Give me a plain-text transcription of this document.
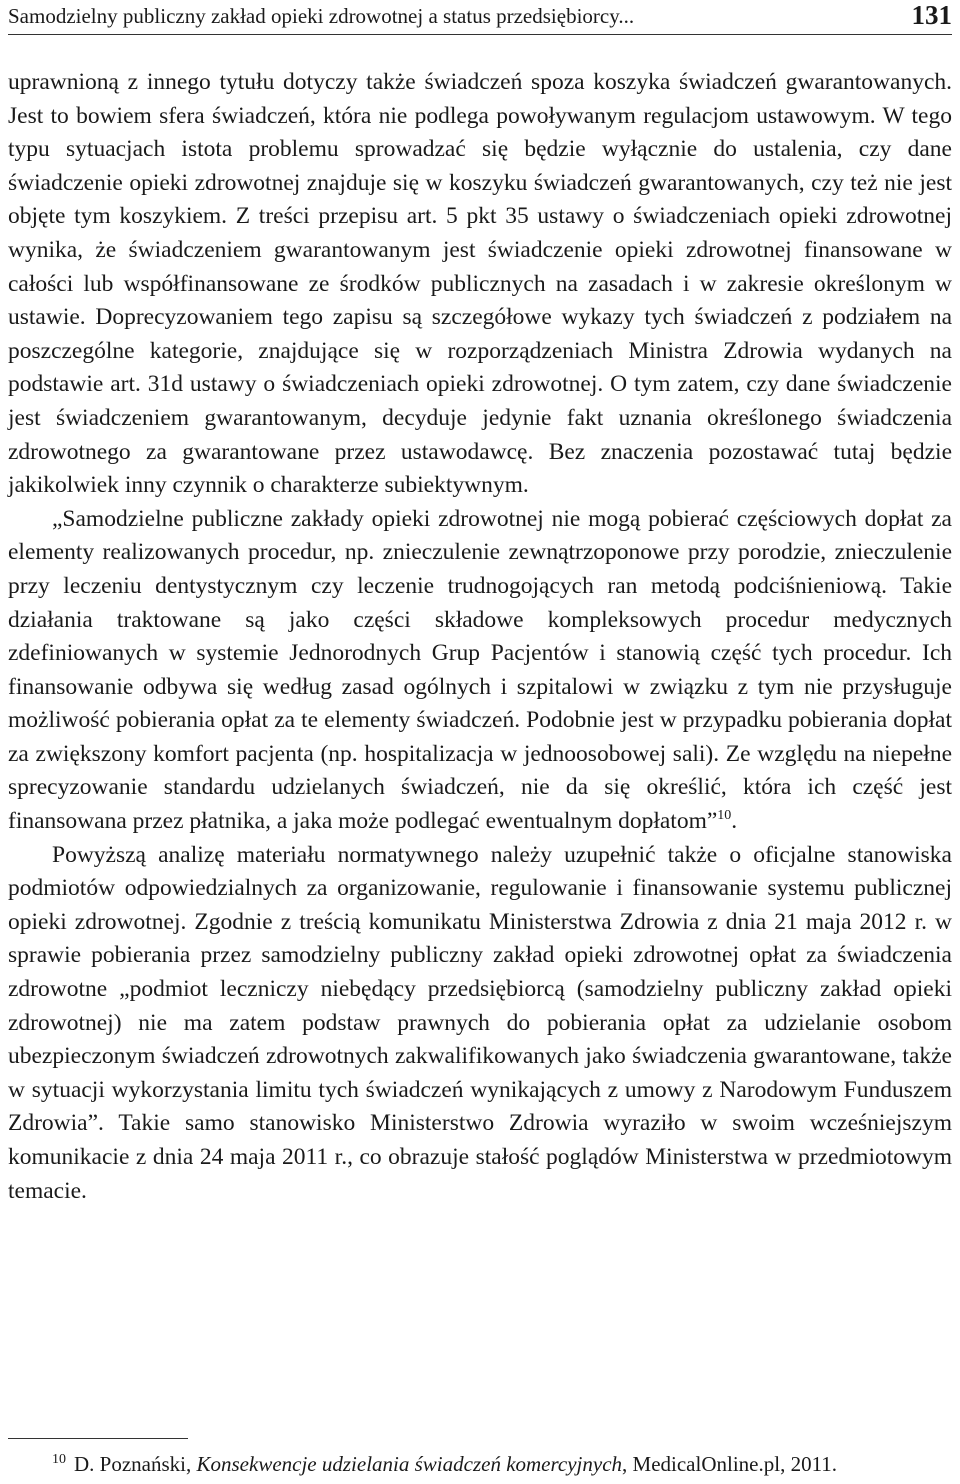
Samodzielny publiczny zakład opieki zdrowotnej a status przedsiębiorcy...	131

uprawnioną z innego tytułu dotyczy także świadczeń spoza koszyka świadczeń gwarantowanych. Jest to bowiem sfera świadczeń, która nie podlega powoływanym regulacjom ustawowym. W tego typu sytuacjach istota problemu sprowadzać się będzie wyłącznie do ustalenia, czy dane świadczenie opieki zdrowotnej znajduje się w koszyku świadczeń gwarantowanych, czy też nie jest objęte tym koszykiem. Z treści przepisu art. 5 pkt 35 ustawy o świadczeniach opieki zdrowotnej wynika, że świadczeniem gwarantowanym jest świadczenie opieki zdrowotnej finansowane w całości lub współfinansowane ze środków publicznych na zasadach i w zakresie określonym w ustawie. Doprecyzowaniem tego zapisu są szczegółowe wykazy tych świadczeń z podziałem na poszczególne kategorie, znajdujące się w rozporządzeniach Ministra Zdrowia wydanych na podstawie art. 31d ustawy o świadczeniach opieki zdrowotnej. O tym zatem, czy dane świadczenie jest świadczeniem gwarantowanym, decyduje jedynie fakt uznania określonego świadczenia zdrowotnego za gwarantowane przez ustawodawcę. Bez znaczenia pozostawać tutaj będzie jakikolwiek inny czynnik o charakterze subiektywnym.

„Samodzielne publiczne zakłady opieki zdrowotnej nie mogą pobierać częściowych dopłat za elementy realizowanych procedur, np. znieczulenie zewnątrzoponowe przy porodzie, znieczulenie przy leczeniu dentystycznym czy leczenie trudnogojących ran metodą podciśnieniową. Takie działania traktowane są jako części składowe kompleksowych procedur medycznych zdefiniowanych w systemie Jednorodnych Grup Pacjentów i stanowią część tych procedur. Ich finansowanie odbywa się według zasad ogólnych i szpitalowi w związku z tym nie przysługuje możliwość pobierania opłat za te elementy świadczeń. Podobnie jest w przypadku pobierania dopłat za zwiększony komfort pacjenta (np. hospitalizacja w jednoosobowej sali). Ze względu na niepełne sprecyzowanie standardu udzielanych świadczeń, nie da się określić, która ich część jest finansowana przez płatnika, a jaka może podlegać ewentualnym dopłatom”$^{10}$.

Powyższą analizę materiału normatywnego należy uzupełnić także o oficjalne stanowiska podmiotów odpowiedzialnych za organizowanie, regulowanie i finansowanie systemu publicznej opieki zdrowotnej. Zgodnie z treścią komunikatu Ministerstwa Zdrowia z dnia 21 maja 2012 r. w sprawie pobierania przez samodzielny publiczny zakład opieki zdrowotnej opłat za świadczenia zdrowotne „podmiot leczniczy niebędący przedsiębiorcą (samodzielny publiczny zakład opieki zdrowotnej) nie ma zatem podstaw prawnych do pobierania opłat za udzielanie osobom ubezpieczonym świadczeń zdrowotnych zakwalifikowanych jako świadczenia gwarantowane, także w sytuacji wykorzystania limitu tych świadczeń wynikających z umowy z Narodowym Funduszem Zdrowia”. Takie samo stanowisko Ministerstwo Zdrowia wyraziło w swoim wcześniejszym komunikacie z dnia 24 maja 2011 r., co obrazuje stałość poglądów Ministerstwa w przedmiotowym temacie.

$^{10}$ D. Poznański, Konsekwencje udzielania świadczeń komercyjnych, MedicalOnline.pl, 2011.
